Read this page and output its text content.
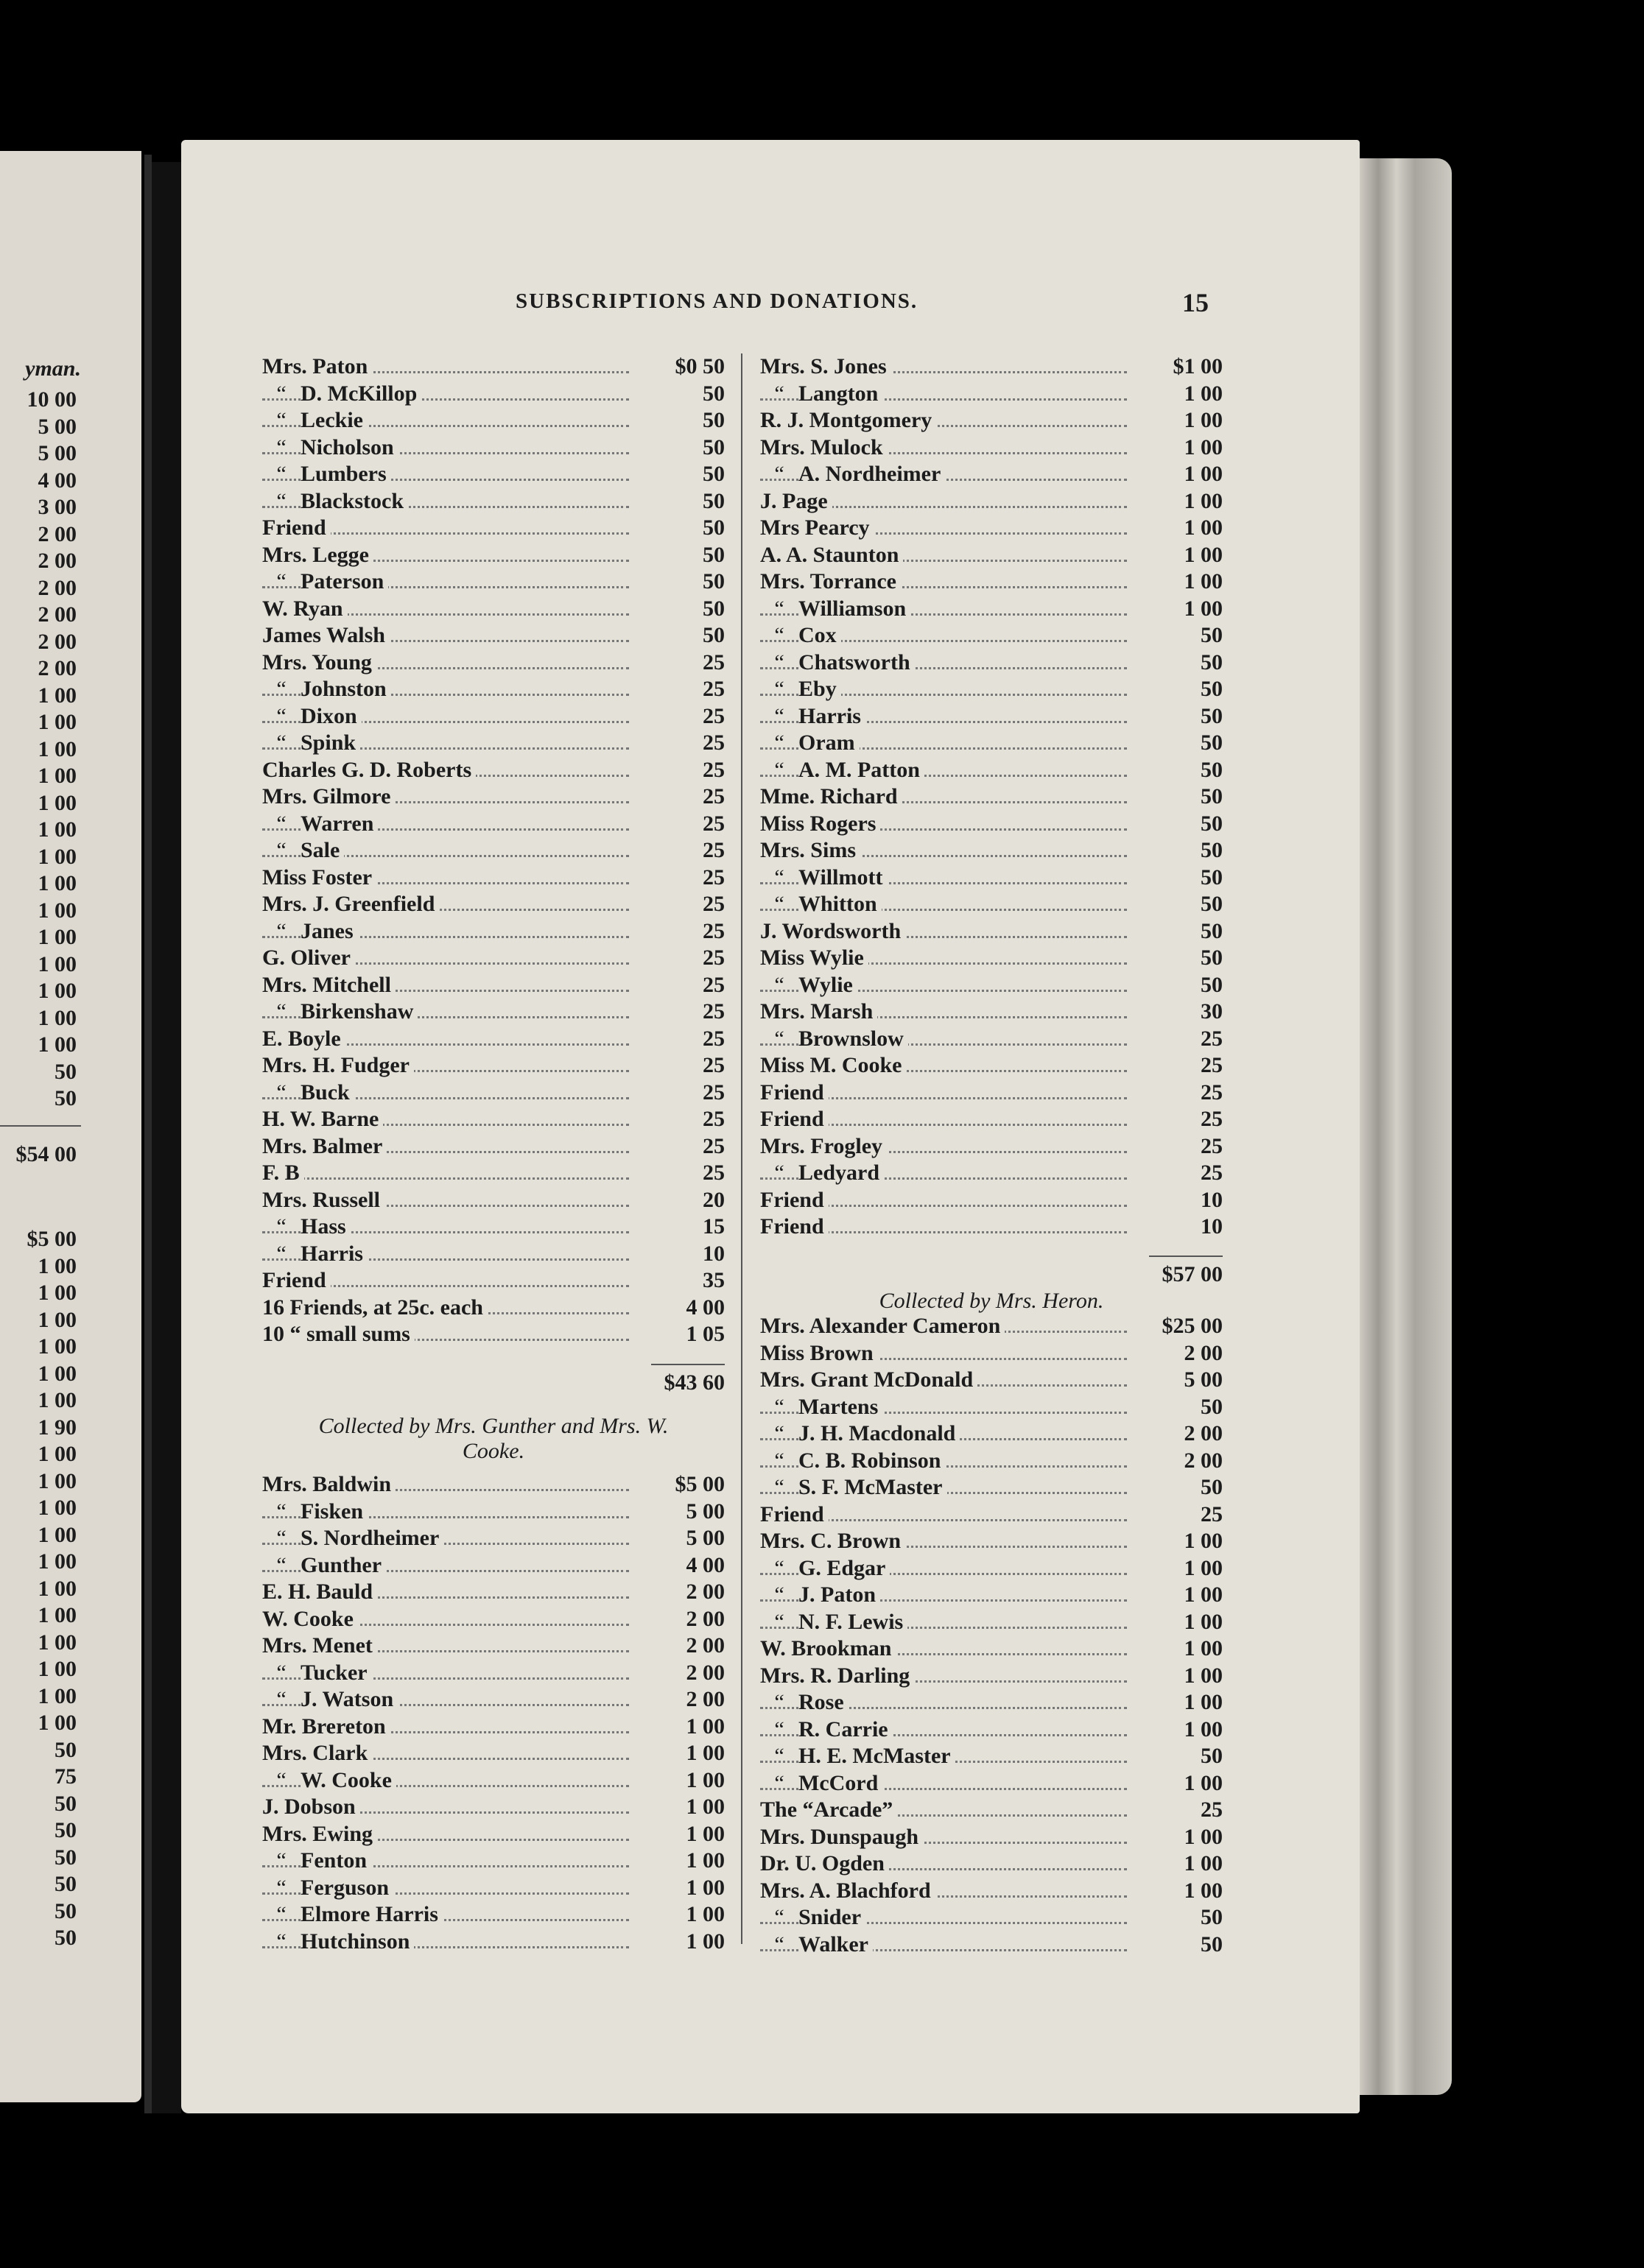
SUBSCRIPTIONS AND DONATIONS.	15
Mrs. Paton	$0 50
“ D. McKillop	50
“ Leckie	50
“ Nicholson	50
“ Lumbers	50
“ Blackstock	50
Friend	50
Mrs. Legge	50
“ Paterson	50
W. Ryan	50
James Walsh	50
Mrs. Young	25
“ Johnston	25
“ Dixon	25
“ Spink	25
Charles G. D. Roberts	25
Mrs. Gilmore	25
“ Warren	25
“ Sale	25
Miss Foster	25
Mrs. J. Greenfield	25
“ Janes	25
G. Oliver	25
Mrs. Mitchell	25
“ Birkenshaw	25
E. Boyle	25
Mrs. H. Fudger	25
“ Buck	25
H. W. Barne	25
Mrs. Balmer	25
F. B	25
Mrs. Russell	20
“ Hass	15
“ Harris	10
Friend	35
16 Friends, at 25c. each	4 00
10 “ small sums	1 05
$43 60
Collected by Mrs. Gunther and Mrs. W.
Cooke.
Mrs. Baldwin	$5 00
“ Fisken	5 00
“ S. Nordheimer	5 00
“ Gunther	4 00
E. H. Bauld	2 00
W. Cooke	2 00
Mrs. Menet	2 00
“ Tucker	2 00
“ J. Watson	2 00
Mr. Brereton	1 00
Mrs. Clark	1 00
“ W. Cooke	1 00
J. Dobson	1 00
Mrs. Ewing	1 00
“ Fenton	1 00
“ Ferguson	1 00
“ Elmore Harris	1 00
“ Hutchinson	1 00
Mrs. S. Jones	$1 00
“ Langton	1 00
R. J. Montgomery	1 00
Mrs. Mulock	1 00
“ A. Nordheimer	1 00
J. Page	1 00
Mrs Pearcy	1 00
A. A. Staunton	1 00
Mrs. Torrance	1 00
“ Williamson	1 00
“ Cox	50
“ Chatsworth	50
“ Eby	50
“ Harris	50
“ Oram	50
“ A. M. Patton	50
Mme. Richard	50
Miss Rogers	50
Mrs. Sims	50
“ Willmott	50
“ Whitton	50
J. Wordsworth	50
Miss Wylie	50
“ Wylie	50
Mrs. Marsh	30
“ Brownslow	25
Miss M. Cooke	25
Friend	25
Friend	25
Mrs. Frogley	25
“ Ledyard	25
Friend	10
Friend	10
$57 00
Collected by Mrs. Heron.
Mrs. Alexander Cameron	$25 00
Miss Brown	2 00
Mrs. Grant McDonald	5 00
“ Martens	50
“ J. H. Macdonald	2 00
“ C. B. Robinson	2 00
“ S. F. McMaster	50
Friend	25
Mrs. C. Brown	1 00
“ G. Edgar	1 00
“ J. Paton	1 00
“ N. F. Lewis	1 00
W. Brookman	1 00
Mrs. R. Darling	1 00
“ Rose	1 00
“ R. Carrie	1 00
“ H. E. McMaster	50
“ McCord	1 00
The “Arcade”	25
Mrs. Dunspaugh	1 00
Dr. U. Ogden	1 00
Mrs. A. Blachford	1 00
“ Snider	50
“ Walker	50
yman.
10 00
5 00
5 00
4 00
3 00
2 00
2 00
2 00
2 00
2 00
2 00
1 00
1 00
1 00
1 00
1 00
1 00
1 00
1 00
1 00
1 00
1 00
1 00
1 00
1 00
50
50
$54 00
$5 00
1 00
1 00
1 00
1 00
1 00
1 00
1 90
1 00
1 00
1 00
1 00
1 00
1 00
1 00
1 00
1 00
1 00
1 00
50
75
50
50
50
50
50
50
